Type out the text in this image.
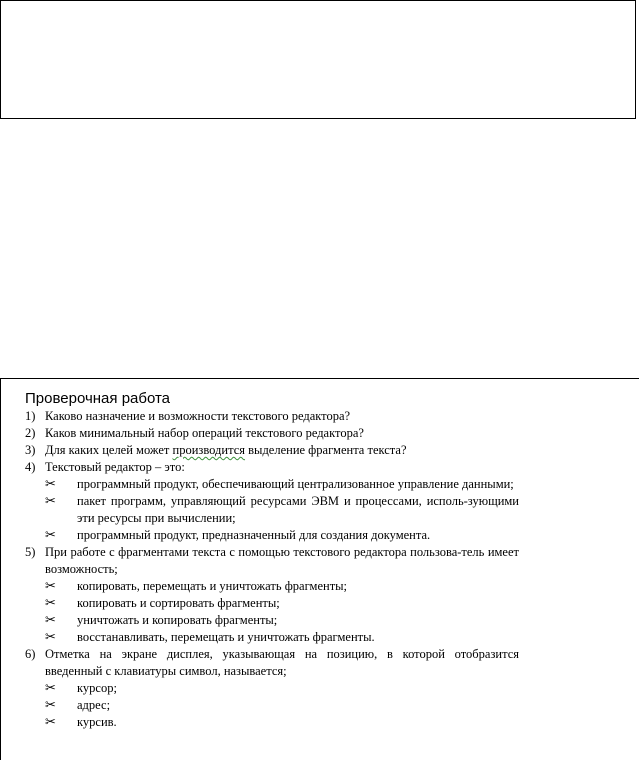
Проверочная работа
1) Каково назначение и возможности текстового редактора?
2) Каков минимальный набор операций текстового редактора?
3) Для каких целей может производится выделение фрагмента текста?
4) Текстовый редактор – это:
✂ программный продукт, обеспечивающий централизованное управление данными;
✂ пакет программ, управляющий ресурсами ЭВМ и процессами, исполь-зующими эти ресурсы при вычислении;
✂ программный продукт, предназначенный для создания документа.
5) При работе с фрагментами текста с помощью текстового редактора пользова-тель имеет возможность;
✂ копировать, перемещать и уничтожать фрагменты;
✂ копировать и сортировать фрагменты;
✂ уничтожать и копировать фрагменты;
✂ восстанавливать, перемещать и уничтожать фрагменты.
6) Отметка на экране дисплея, указывающая на позицию, в которой отобразится введенный с клавиатуры символ, называется;
✂ курсор;
✂ адрес;
✂ курсив.
